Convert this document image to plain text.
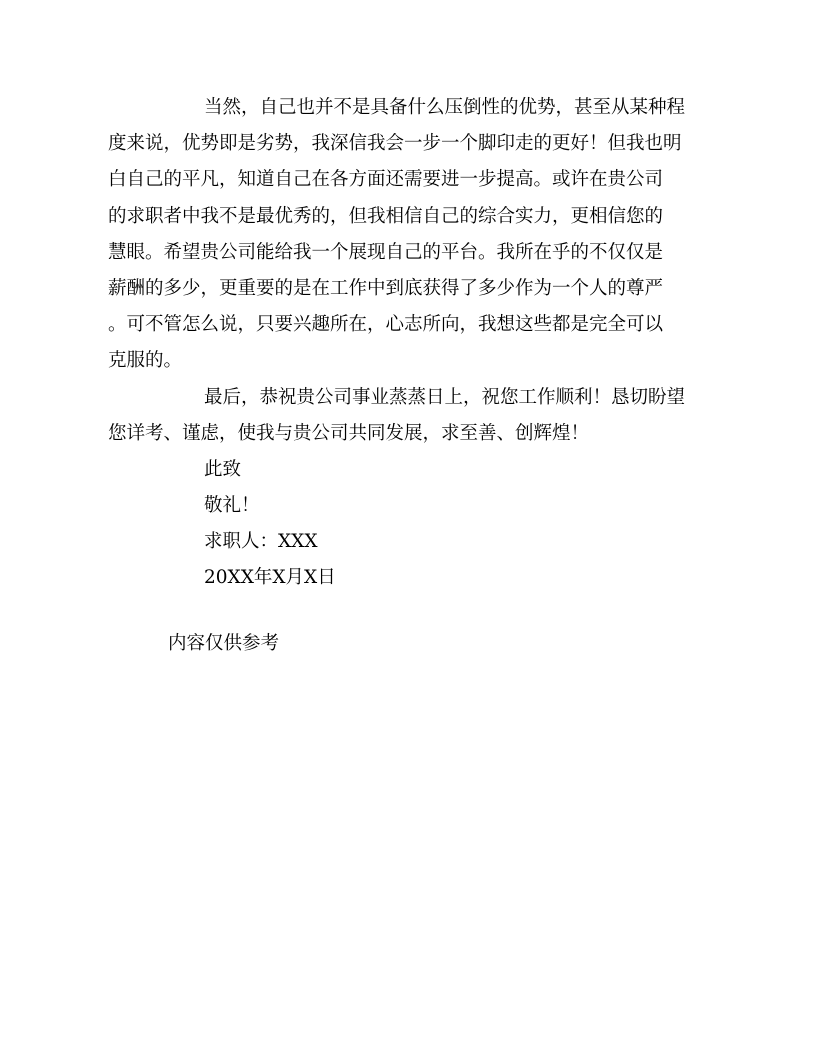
当然，自己也并不是具备什么压倒性的优势，甚至从某种程
度来说，优势即是劣势，我深信我会一步一个脚印走的更好！但我也明
白自己的平凡，知道自己在各方面还需要进一步提高。或许在贵公司
的求职者中我不是最优秀的，但我相信自己的综合实力，更相信您的
慧眼。希望贵公司能给我一个展现自己的平台。我所在乎的不仅仅是
薪酬的多少，更重要的是在工作中到底获得了多少作为一个人的尊严
。可不管怎么说，只要兴趣所在，心志所向，我想这些都是完全可以
克服的。
最后，恭祝贵公司事业蒸蒸日上，祝您工作顺利！恳切盼望
您详考、谨虑，使我与贵公司共同发展，求至善、创辉煌！
此致
敬礼！
求职人：XXX
20XX年X月X日
内容仅供参考
